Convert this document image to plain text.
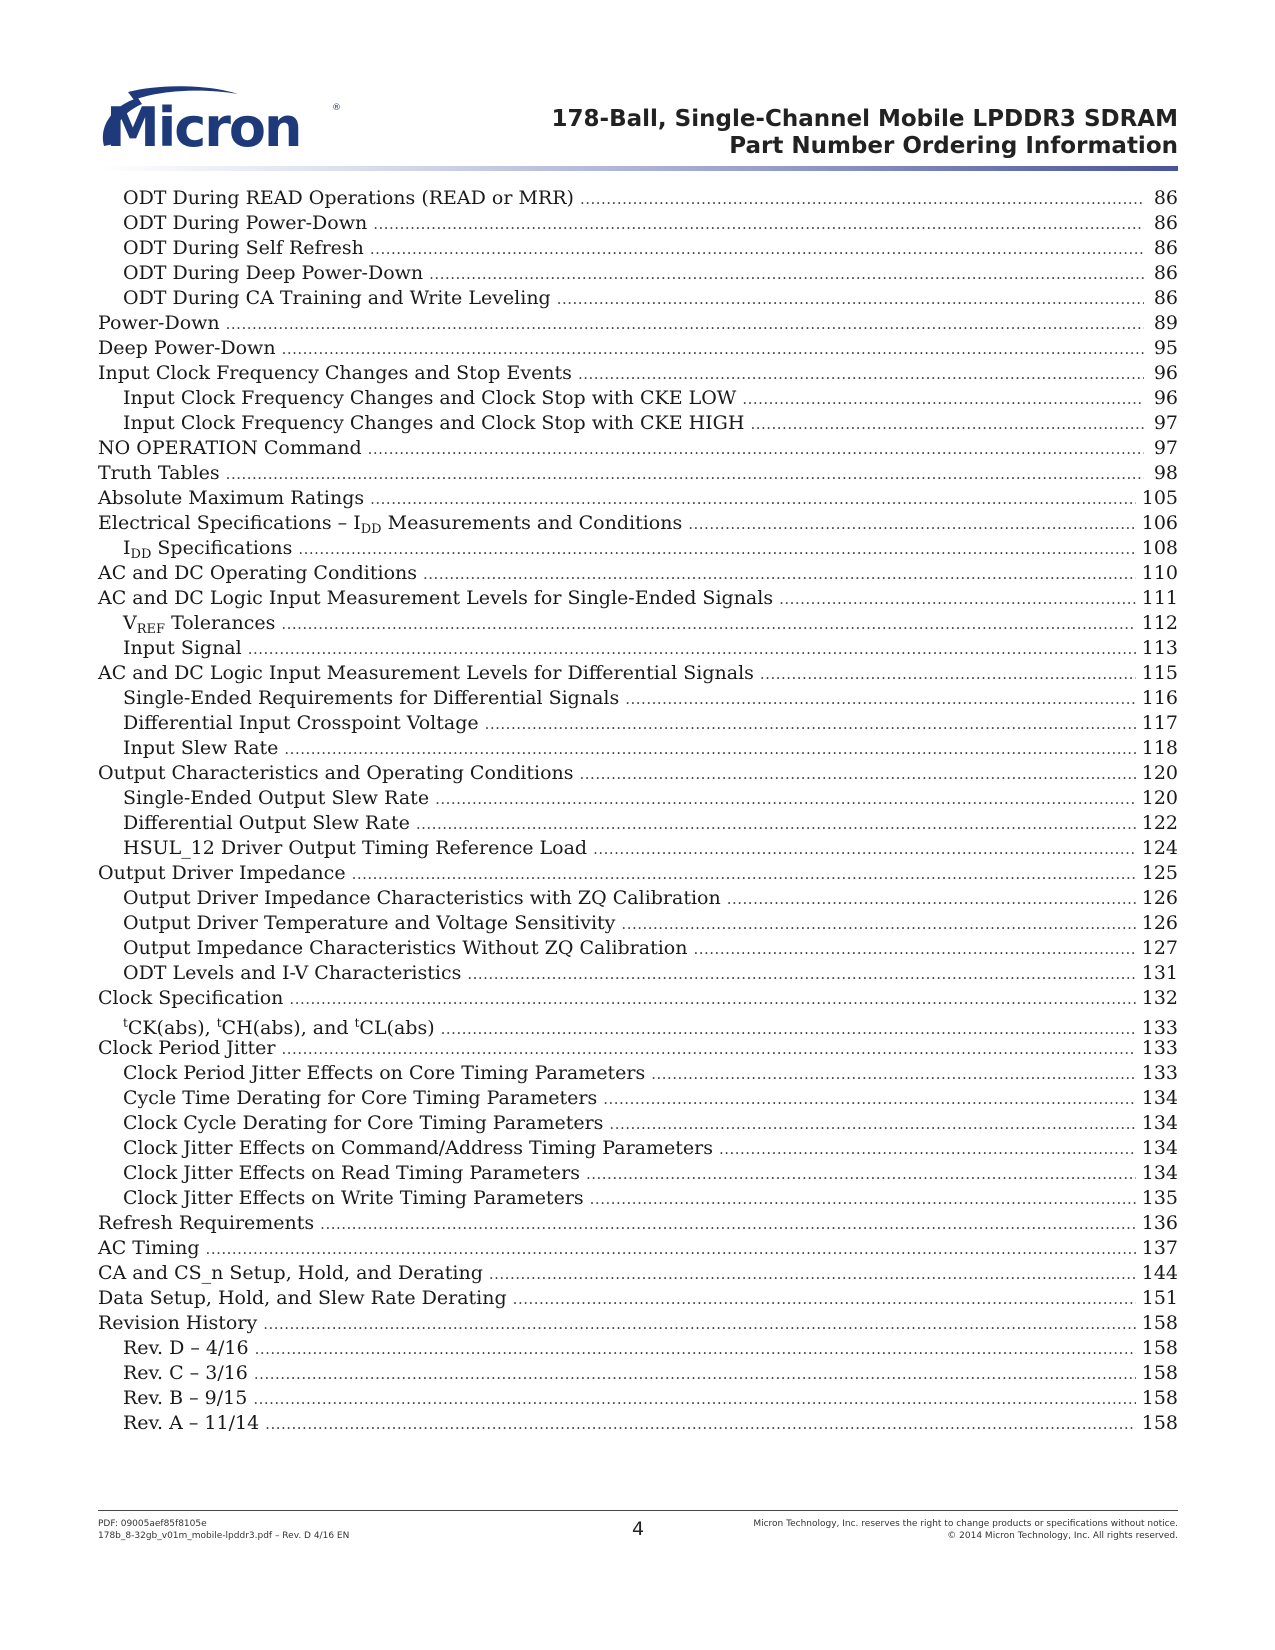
Micron	®	178-Ball, Single-Channel Mobile LPDDR3 SDRAM
Part Number Ordering Information
ODT During READ Operations (READ or MRR) .....	86
ODT During Power-Down .....	86
ODT During Self Refresh .....	86
ODT During Deep Power-Down .....	86
ODT During CA Training and Write Leveling .....	86
Power-Down .....	89
Deep Power-Down .....	95
Input Clock Frequency Changes and Stop Events .....	96
Input Clock Frequency Changes and Clock Stop with CKE LOW .....	96
Input Clock Frequency Changes and Clock Stop with CKE HIGH .....	97
NO OPERATION Command .....	97
Truth Tables .....	98
Absolute Maximum Ratings .....	105
Electrical Specifications – $I_{DD}$ Measurements and Conditions .....	106
$I_{DD}$ Specifications .....	108
AC and DC Operating Conditions .....	110
AC and DC Logic Input Measurement Levels for Single-Ended Signals .....	111
$V_{REF}$ Tolerances .....	112
Input Signal .....	113
AC and DC Logic Input Measurement Levels for Differential Signals .....	115
Single-Ended Requirements for Differential Signals .....	116
Differential Input Crosspoint Voltage .....	117
Input Slew Rate .....	118
Output Characteristics and Operating Conditions .....	120
Single-Ended Output Slew Rate .....	120
Differential Output Slew Rate .....	122
HSUL_12 Driver Output Timing Reference Load .....	124
Output Driver Impedance .....	125
Output Driver Impedance Characteristics with ZQ Calibration .....	126
Output Driver Temperature and Voltage Sensitivity .....	126
Output Impedance Characteristics Without ZQ Calibration .....	127
ODT Levels and I-V Characteristics .....	131
Clock Specification .....	132
$^t$CK(abs), $^t$CH(abs), and $^t$CL(abs) .....	133
Clock Period Jitter .....	133
Clock Period Jitter Effects on Core Timing Parameters .....	133
Cycle Time Derating for Core Timing Parameters .....	134
Clock Cycle Derating for Core Timing Parameters .....	134
Clock Jitter Effects on Command/Address Timing Parameters .....	134
Clock Jitter Effects on Read Timing Parameters .....	134
Clock Jitter Effects on Write Timing Parameters .....	135
Refresh Requirements .....	136
AC Timing .....	137
CA and CS_n Setup, Hold, and Derating .....	144
Data Setup, Hold, and Slew Rate Derating .....	151
Revision History .....	158
Rev. D – 4/16 .....	158
Rev. C – 3/16 .....	158
Rev. B – 9/15 .....	158
Rev. A – 11/14 .....	158
PDF: 09005aef85f8105e
178b_8-32gb_v01m_mobile-lpddr3.pdf – Rev. D 4/16 EN	4	Micron Technology, Inc. reserves the right to change products or specifications without notice.
© 2014 Micron Technology, Inc. All rights reserved.
